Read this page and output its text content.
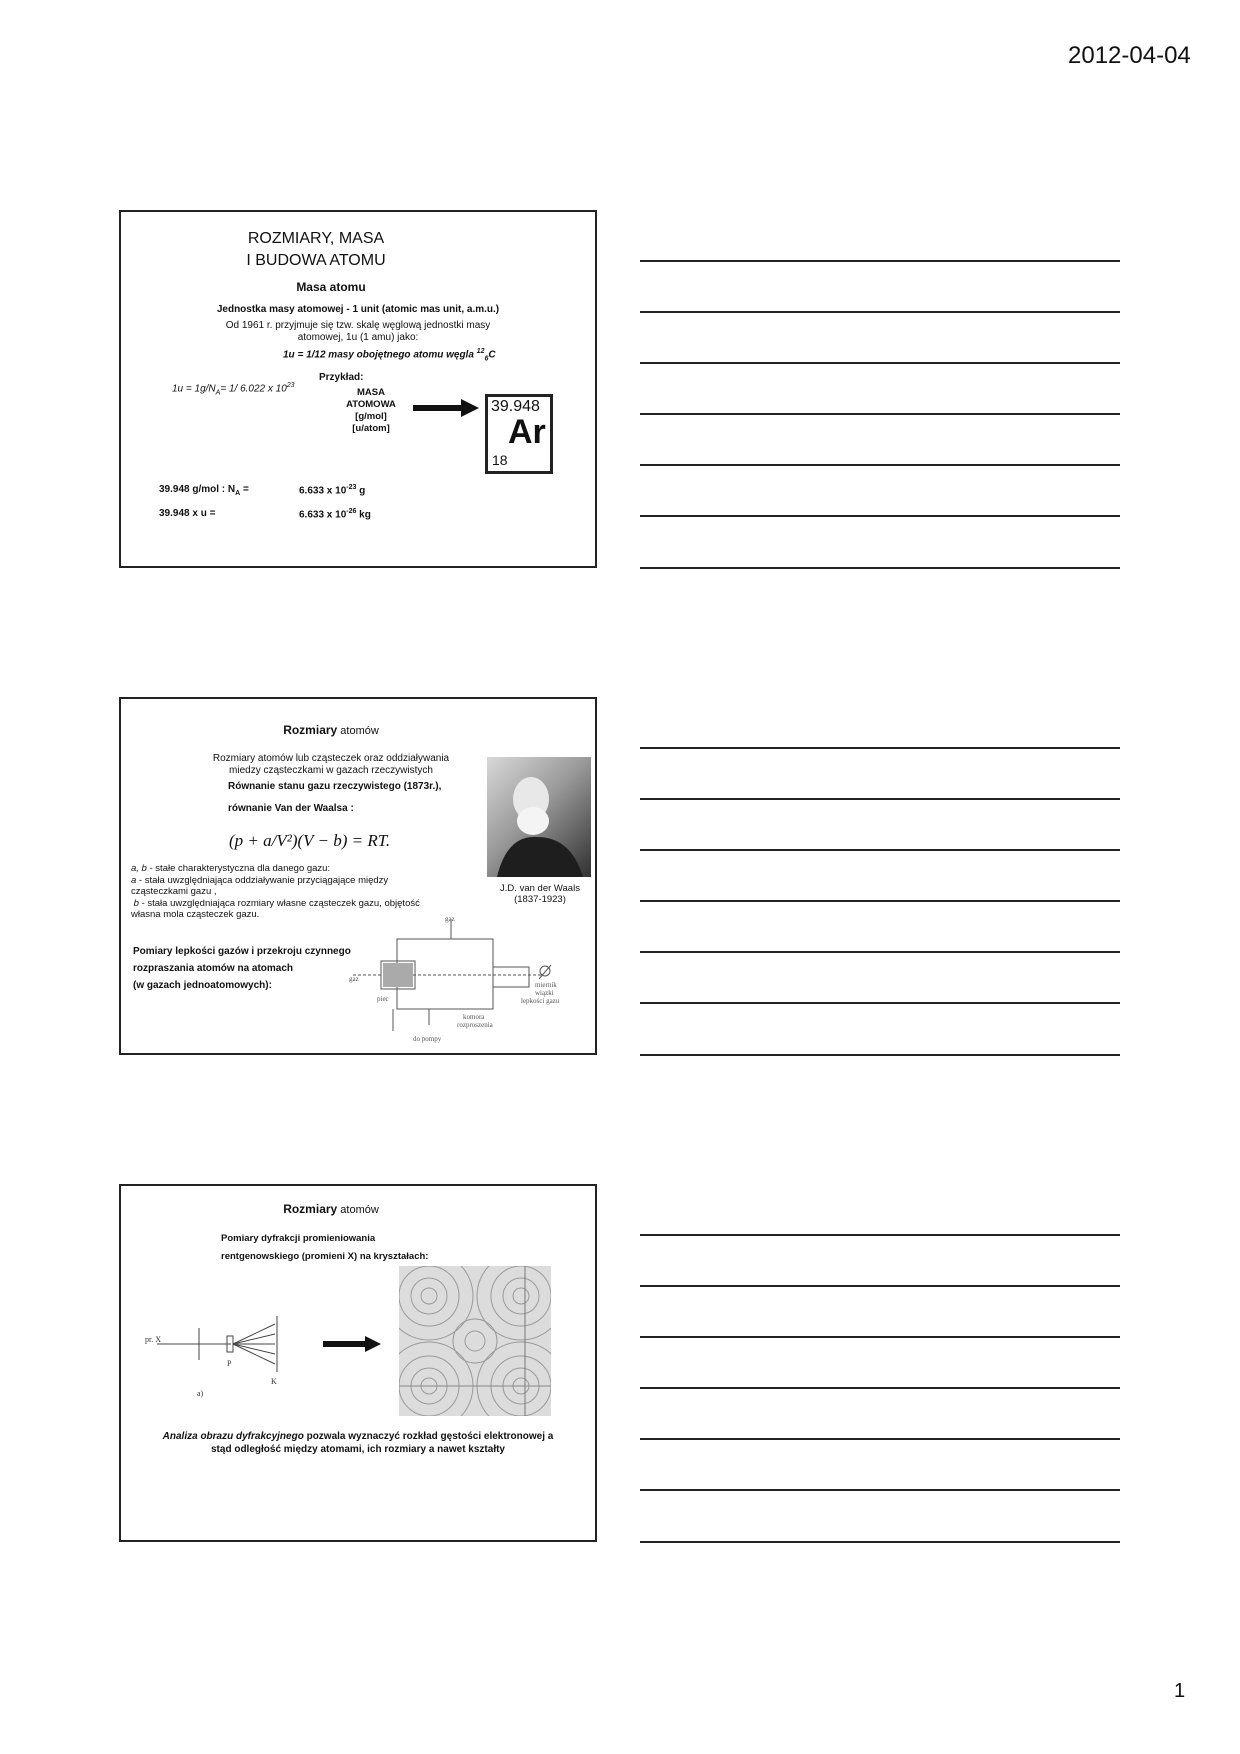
2012-04-04
1
ROZMIARY, MASA
I BUDOWA ATOMU
Masa atomu
Jednostka masy atomowej - 1 unit (atomic mas unit, a.m.u.)
Od 1961 r. przyjmuje się tzw. skalę węglową jednostki masy
atomowej, 1u (1 amu) jako:
1u = 1/12 masy obojętnego atomu węgla $^{12}_6$C
Przykład:
$1u = 1g/N_A= 1/$ 6.022 x $10^{23}$
MASA
ATOMOWA
[g/mol]
[u/atom]
39.948
Ar
18
39.948 g/mol : $N_A$ =	6.633 x $10^{-23}$ g
39.948 x u =	6.633 x $10^{-26}$ kg
Rozmiary atomów
Rozmiary atomów lub cząsteczek oraz oddziaływania
miedzy cząsteczkami w gazach rzeczywistych
Równanie stanu gazu rzeczywistego (1873r.),
równanie Van der Waalsa :
(p + a/V²)(V − b) = RT.
J.D. van der Waals
(1837-1923)
a, b - stałe charakterystyczna dla danego gazu:
a - stała uwzględniająca oddziaływanie przyciągające między
cząsteczkami gazu ,
b - stała uwzględniająca rozmiary własne cząsteczek gazu, objętość
własna mola cząsteczek gazu.
Pomiary lepkości gazów i przekroju czynnego
rozpraszania atomów na atomach
(w gazach jednoatomowych):
gaz
gaz
piec
do pompy
komora
rozproszenia
miernik
wiązki
lepkości gazu
Rozmiary atomów
Pomiary dyfrakcji promieniowania
rentgenowskiego (promieni X) na kryształach:
pr. X
P
K
a)
Analiza obrazu dyfrakcyjnego pozwala wyznaczyć rozkład gęstości elektronowej a
stąd odległość między atomami, ich rozmiary a nawet kształty
